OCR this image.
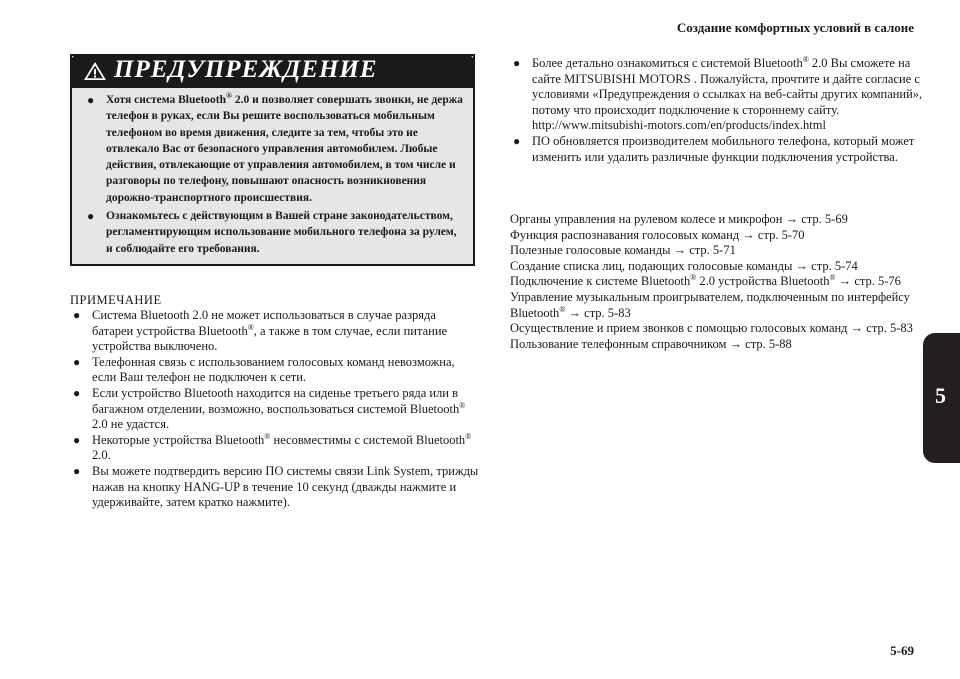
Создание комфортных условий в салоне
5
ПРЕДУПРЕЖДЕНИЕ
● Хотя система Bluetooth® 2.0 и позволяет совершать звонки, не держа телефон в руках, если Вы решите воспользоваться мобильным телефоном во время движения, следите за тем, чтобы это не отвлекало Вас от безопасного управления автомобилем. Любые действия, отвлекающие от управления автомобилем, в том числе и разговоры по телефону, повышают опасность возникновения дорожно-транспортного происшествия.
● Ознакомьтесь с действующим в Вашей стране законодательством, регламентирующим использование мобильного телефона за рулем, и соблюдайте его требования.
ПРИМЕЧАНИЕ
● Система Bluetooth 2.0 не может использоваться в случае разряда батареи устройства Bluetooth®, а также в том случае, если питание устройства выключено.
● Телефонная связь с использованием голосовых команд невозможна, если Ваш телефон не подключен к сети.
● Если устройство Bluetooth находится на сиденье третьего ряда или в багажном отделении, возможно, воспользоваться системой Bluetooth® 2.0 не удастся.
● Некоторые устройства Bluetooth® несовместимы с системой Bluetooth® 2.0.
● Вы можете подтвердить версию ПО системы связи Link System, трижды нажав на кнопку HANG-UP в течение 10 секунд (дважды нажмите и удерживайте, затем кратко нажмите).
● Более детально ознакомиться с системой Bluetooth® 2.0 Вы сможете на сайте MITSUBISHI MOTORS . Пожалуйста, прочтите и дайте согласие с условиями «Предупреждения о ссылках на веб-сайты других компаний», потому что происходит подключение к стороннему сайту. http://www.mitsubishi-motors.com/en/products/index.html
● ПО обновляется производителем мобильного телефона, который может изменить или удалить различные функции подключения устройства.
Органы управления на рулевом колесе и микрофон → стр. 5-69
Функция распознавания голосовых команд → стр. 5-70
Полезные голосовые команды → стр. 5-71
Создание списка лиц, подающих голосовые команды → стр. 5-74
Подключение к системе Bluetooth® 2.0 устройства Bluetooth® → стр. 5-76
Управление музыкальным проигрывателем, подключенным по интерфейсу Bluetooth® → стр. 5-83
Осуществление и прием звонков с помощью голосовых команд → стр. 5-83
Пользование телефонным справочником → стр. 5-88
5-69
